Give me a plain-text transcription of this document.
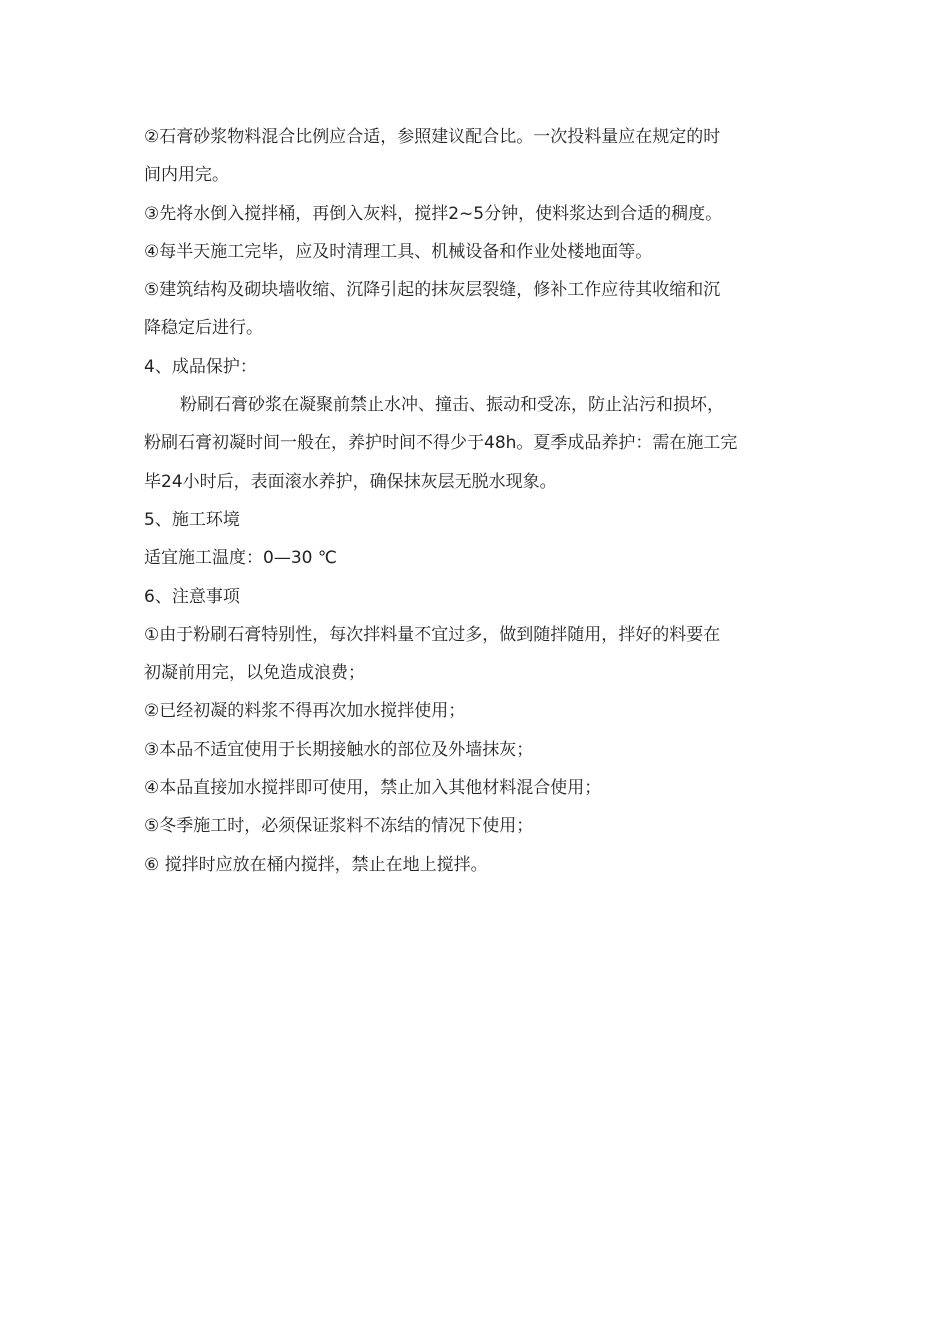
②石膏砂浆物料混合比例应合适，参照建议配合比。一次投料量应在规定的时
间内用完。
③先将水倒入搅拌桶，再倒入灰料，搅拌2~5分钟，使料浆达到合适的稠度。
④每半天施工完毕，应及时清理工具、机械设备和作业处楼地面等。
⑤建筑结构及砌块墙收缩、沉降引起的抹灰层裂缝，修补工作应待其收缩和沉
降稳定后进行。
4、成品保护：
粉刷石膏砂浆在凝聚前禁止水冲、撞击、振动和受冻，防止沾污和损坏，
粉刷石膏初凝时间一般在，养护时间不得少于48h。夏季成品养护：需在施工完
毕24小时后，表面滚水养护，确保抹灰层无脱水现象。
5、施工环境
适宜施工温度：0—30 ℃
6、注意事项
①由于粉刷石膏特别性，每次拌料量不宜过多，做到随拌随用，拌好的料要在
初凝前用完，以免造成浪费；
②已经初凝的料浆不得再次加水搅拌使用；
③本品不适宜使用于长期接触水的部位及外墙抹灰；
④本品直接加水搅拌即可使用，禁止加入其他材料混合使用；
⑤冬季施工时，必须保证浆料不冻结的情况下使用；
⑥ 搅拌时应放在桶内搅拌，禁止在地上搅拌。
